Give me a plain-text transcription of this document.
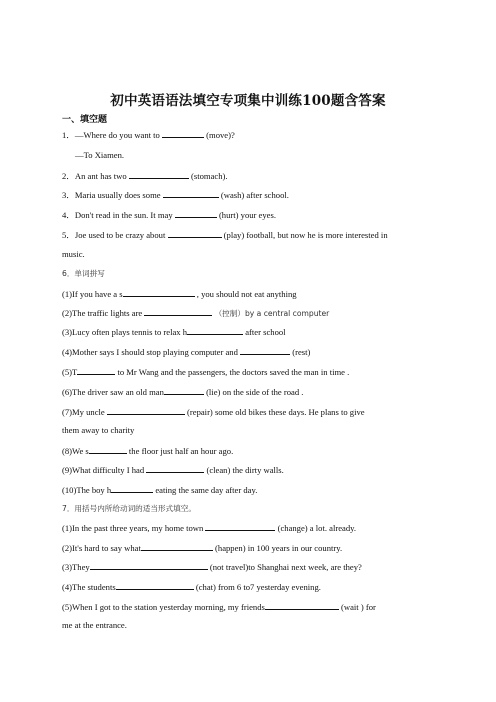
初中英语语法填空专项集中训练100题含答案
一、填空题
1．—Where do you want to	(move)?
—To Xiamen.
2．An ant has two	(stomach).
3．Maria usually does some	(wash) after school.
4．Don't read in the sun. It may	(hurt) your eyes.
5．Joe used to be crazy about	(play) football, but now he is more interested in
music.
6．单词拼写
(1)If you have a s	, you should not eat anything
(2)The traffic lights are	（控制）by a central computer
(3)Lucy often plays tennis to relax h	after school
(4)Mother says I should stop playing computer and	(rest)
(5)T	to Mr Wang and the passengers, the doctors saved the man in time .
(6)The driver saw an old man	(lie) on the side of the road .
(7)My uncle	(repair) some old bikes these days. He plans to give
them away to charity
(8)We s	the floor just half an hour ago.
(9)What difficulty I had	(clean) the dirty walls.
(10)The boy h	eating the same day after day.
7．用括号内所给动词的适当形式填空。
(1)In the past three years, my home town	(change) a lot. already.
(2)It's hard to say what	(happen) in 100 years in our country.
(3)They	(not travel)to Shanghai next week, are they?
(4)The students	(chat) from 6 to7 yesterday evening.
(5)When I got to the station yesterday morning, my friends	(wait ) for
me at the entrance.
